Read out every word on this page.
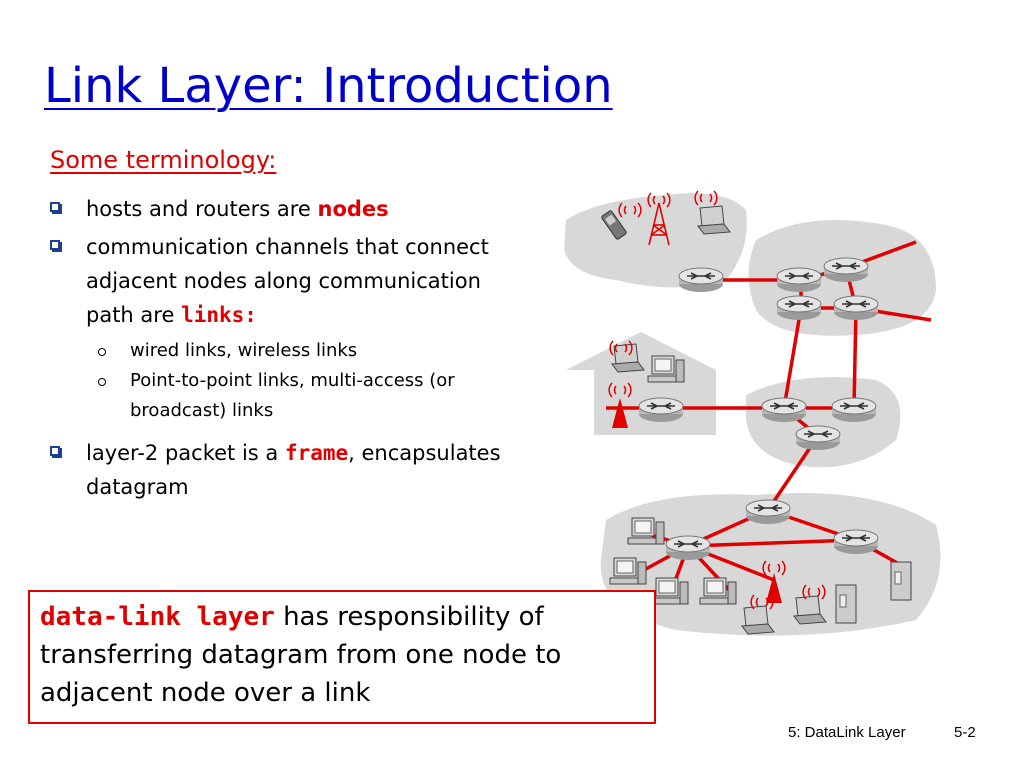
Link Layer: Introduction
Some terminology:
hosts and routers are nodes
communication channels that connect adjacent nodes along communication path are links:
wired links, wireless links
Point-to-point links, multi-access (or broadcast) links
layer-2 packet is a frame, encapsulates datagram
data-link layer has responsibility of transferring datagram from one node to adjacent node over a link
5: DataLink Layer	5-2
